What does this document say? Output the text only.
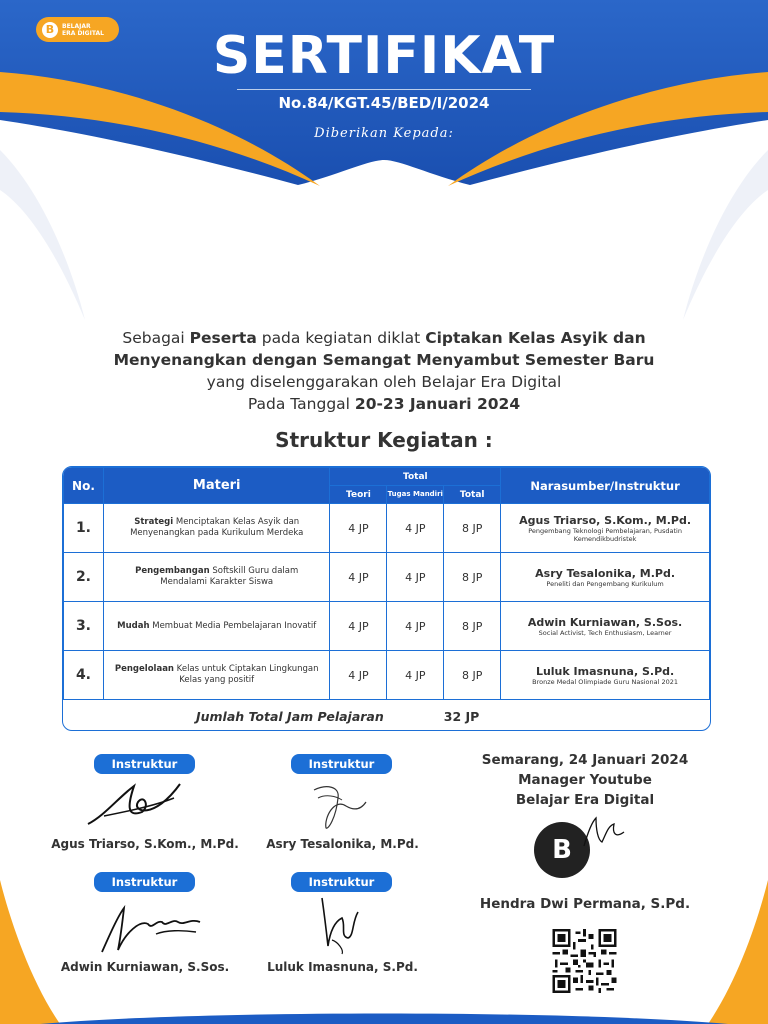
B	BELAJAR
ERA DIGITAL	SERTIFIKAT
No.84/KGT.45/BED/I/2024
Diberikan Kepada:
Sebagai Peserta pada kegiatan diklat Ciptakan Kelas Asyik dan
Menyenangkan dengan Semangat Menyambut Semester Baru
yang diselenggarakan oleh Belajar Era Digital
Pada Tanggal 20-23 Januari 2024
Struktur Kegiatan :
No.	Materi	Total			Narasumber/Instruktur
		Teori	Tugas Mandiri	Total	
1.	Strategi Menciptakan Kelas Asyik dan Menyenangkan pada Kurikulum Merdeka	4 JP	4 JP	8 JP	Agus Triarso, S.Kom., M.Pd.
Pengembang Teknologi Pembelajaran, Pusdatin Kemendikbudristek

2.	Pengembangan Softskill Guru dalam Mendalami Karakter Siswa	4 JP	4 JP	8 JP	Asry Tesalonika, M.Pd.
Peneliti dan Pengembang Kurikulum

3.	Mudah Membuat Media Pembelajaran Inovatif	4 JP	4 JP	8 JP	Adwin Kurniawan, S.Sos.
Social Activist, Tech Enthusiasm, Learner

4.	Pengelolaan Kelas untuk Ciptakan Lingkungan Kelas yang positif	4 JP	4 JP	8 JP	Luluk Imasnuna, S.Pd.
Bronze Medal Olimpiade Guru Nasional 2021

Jumlah Total Jam Pelajaran				32 JP	
Instruktur	Instruktur
Instruktur	Instruktur
Agus Triarso, S.Kom., M.Pd.	Asry Tesalonika, M.Pd.
Adwin Kurniawan, S.Sos.	Luluk Imasnuna, S.Pd.
Semarang, 24 Januari 2024
Manager Youtube
Belajar Era Digital
B
Hendra Dwi Permana, S.Pd.
